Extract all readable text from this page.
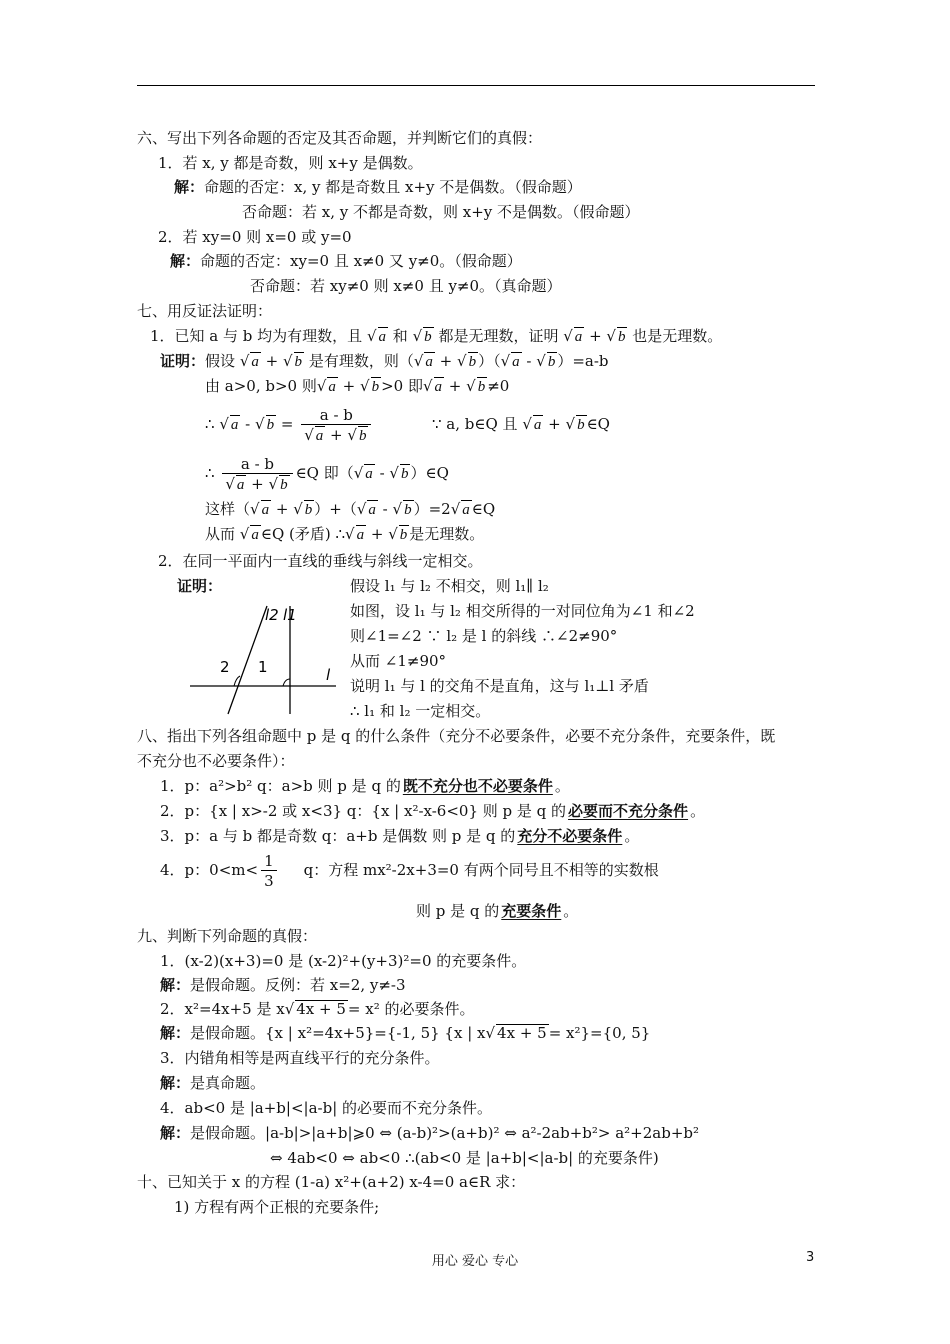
六、写出下列各命题的否定及其否命题，并判断它们的真假：
1．若 x, y 都是奇数，则 x+y 是偶数。
解：命题的否定：x, y 都是奇数且 x+y 不是偶数。（假命题）
否命题：若 x, y 不都是奇数，则 x+y 不是偶数。（假命题）
2．若 xy=0 则 x=0 或 y=0
解：命题的否定：xy=0 且 x≠0 又 y≠0。（假命题）
否命题：若 xy≠0 则 x≠0 且 y≠0。（真命题）
七、用反证法证明：
1．已知 a 与 b 均为有理数，且 √ a 和 √ b 都是无理数，证明 √ a + √ b 也是无理数。
证明：假设 √ a + √ b 是有理数，则（√ a + √ b ）（√ a - √ b ）=a-b
由 a>0, b>0 则√ a + √ b >0 即√ a + √ b ≠0
∴ √ a - √ $b = \frac{a - b}{√ a + √ b}$	∵ a, b∈Q 且 √ a + √ b ∈Q
∴ $\frac{a - b}{√ a + √ b}$ ∈Q 即（√ a - √ b ）∈Q
这样（√ a + √ b ）+（√ a - √ b ）=2√ a ∈Q
从而 √ a ∈Q (矛盾) ∴√ a + √ b 是无理数。
2．在同一平面内一直线的垂线与斜线一定相交。
证明：
l2 l1
l
2 1
假设 l₁ 与 l₂ 不相交，则 l₁∥ l₂
如图，设 l₁ 与 l₂ 相交所得的一对同位角为∠1 和∠2
则∠1=∠2 ∵ l₂ 是 l 的斜线 ∴∠2≠90°
从而 ∠1≠90°
说明 l₁ 与 l 的交角不是直角，这与 l₁⊥l 矛盾
∴ l₁ 和 l₂ 一定相交。
八、指出下列各组命题中 p 是 q 的什么条件（充分不必要条件，必要不充分条件，充要条件，既
不充分也不必要条件）：
1．p：a²>b² q：a>b 则 p 是 q 的 既不充分也不必要条件 。
2．p：{x | x>-2 或 x<3} q：{x | x²-x-6<0} 则 p 是 q 的 必要而不充分条件 。
3．p：a 与 b 都是奇数 q：a+b 是偶数 则 p 是 q 的 充分不必要条件 。
4．p：$0<m< \frac{1}{3}$ q：方程 mx²-2x+3=0 有两个同号且不相等的实数根
则 p 是 q 的 充要条件 。
九、判断下列命题的真假：
1．(x-2)(x+3)=0 是 (x-2)²+(y+3)²=0 的充要条件。
解：是假命题。反例：若 x=2, y≠-3
2．x²=4x+5 是 x√ 4x + 5 = x² 的必要条件。
解：是假命题。{x | x²=4x+5}={-1, 5} {x | x√ 4x + 5 = x²}={0, 5}
3．内错角相等是两直线平行的充分条件。
解：是真命题。
4．ab<0 是 |a+b|<|a-b| 的必要而不充分条件。
解：是假命题。|a-b|>|a+b|⩾0 ⇔ (a-b)²>(a+b)² ⇔ a²-2ab+b²> a²+2ab+b²
⇔ 4ab<0 ⇔ ab<0 ∴(ab<0 是 |a+b|<|a-b| 的充要条件)
十、已知关于 x 的方程 (1-a) x²+(a+2) x-4=0 a∈R 求：
1) 方程有两个正根的充要条件;
用心 爱心 专心	3
